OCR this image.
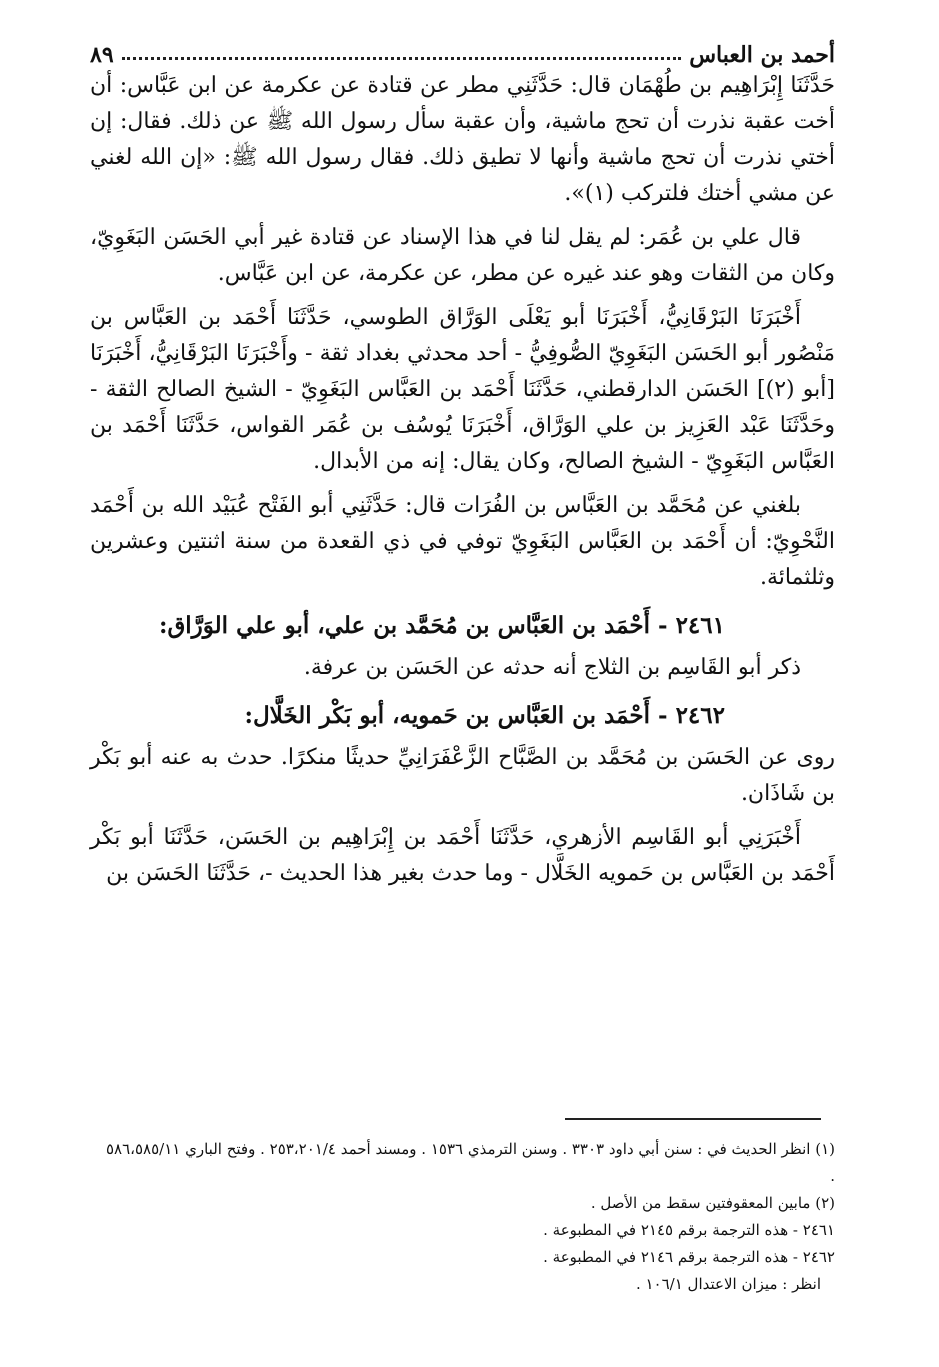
أحمد بن العباس
٨٩

حَدَّثَنَا إِبْرَاهِيم بن طُهْمَان قال: حَدَّثَنِي مطر عن قتادة عن عكرمة عن ابن عَبَّاس: أن أخت عقبة نذرت أن تحج ماشية، وأن عقبة سأل رسول الله ﷺ عن ذلك. فقال: إن أختي نذرت أن تحج ماشية وأنها لا تطيق ذلك. فقال رسول الله ﷺ: «إن الله لغني عن مشي أختك فلتركب (١)».

قال علي بن عُمَر: لم يقل لنا في هذا الإسناد عن قتادة غير أبي الحَسَن البَغَوِيّ، وكان من الثقات وهو عند غيره عن مطر، عن عكرمة، عن ابن عَبَّاس.

أَخْبَرَنَا البَرْقَانِيُّ، أَخْبَرَنَا أبو يَعْلَى الوَرَّاق الطوسي، حَدَّثَنَا أَحْمَد بن العَبَّاس بن مَنْصُور أبو الحَسَن البَغَوِيّ الصُّوفِيُّ - أحد محدثي بغداد ثقة - وأَخْبَرَنَا البَرْقَانِيُّ، أَخْبَرَنَا [أبو (٢)] الحَسَن الدارقطني، حَدَّثَنَا أَحْمَد بن العَبَّاس البَغَوِيّ - الشيخ الصالح الثقة - وحَدَّثَنَا عَبْد العَزِيز بن علي الوَرَّاق، أَخْبَرَنَا يُوسُف بن عُمَر القواس، حَدَّثَنَا أَحْمَد بن العَبَّاس البَغَوِيّ - الشيخ الصالح، وكان يقال: إنه من الأبدال.

بلغني عن مُحَمَّد بن العَبَّاس بن الفُرَات قال: حَدَّثَنِي أبو الفَتْح عُبَيْد الله بن أَحْمَد النَّحْوِيّ: أن أَحْمَد بن العَبَّاس البَغَوِيّ توفي في ذي القعدة من سنة اثنتين وعشرين وثلثمائة.

٢٤٦١ - أَحْمَد بن العَبَّاس بن مُحَمَّد بن علي، أبو علي الوَرَّاق:

ذكر أبو القَاسِم بن الثلاج أنه حدثه عن الحَسَن بن عرفة.

٢٤٦٢ - أَحْمَد بن العَبَّاس بن حَمويه، أبو بَكْر الخَلَّال:

روى عن الحَسَن بن مُحَمَّد بن الصَّبَّاح الزَّعْفَرَانِيِّ حديثًا منكرًا. حدث به عنه أبو بَكْر بن شَاذَان.

أَخْبَرَنِي أبو القَاسِم الأزهري، حَدَّثَنَا أَحْمَد بن إِبْرَاهِيم بن الحَسَن، حَدَّثَنَا أبو بَكْر أَحْمَد بن العَبَّاس بن حَمويه الخَلَّال - وما حدث بغير هذا الحديث -، حَدَّثَنَا الحَسَن بن

(١) انظر الحديث في : سنن أبي داود ٣٣٠٣ . وسنن الترمذي ١٥٣٦ . ومسند أحمد ٢٥٣،٢٠١/٤ . وفتح الباري ٥٨٦،٥٨٥/١١ .

(٢) مابين المعقوفتين سقط من الأصل .

٢٤٦١ - هذه الترجمة برقم ٢١٤٥ في المطبوعة .

٢٤٦٢ - هذه الترجمة برقم ٢١٤٦ في المطبوعة .

انظر : ميزان الاعتدال ١٠٦/١ .
